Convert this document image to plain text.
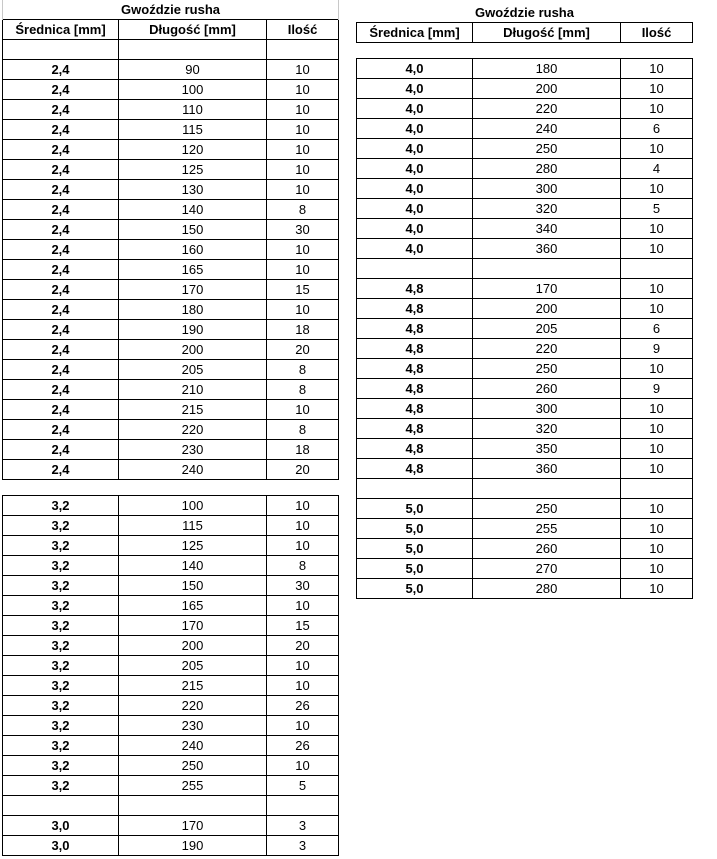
Gwoździe rusha		
Średnica [mm]	Długość [mm]	Ilość

2,4	90	10
2,4	100	10
2,4	110	10
2,4	115	10
2,4	120	10
2,4	125	10
2,4	130	10
2,4	140	8
2,4	150	30
2,4	160	10
2,4	165	10
2,4	170	15
2,4	180	10
2,4	190	18
2,4	200	20
2,4	205	8
2,4	210	8
2,4	215	10
2,4	220	8
2,4	230	18
2,4	240	20

3,2	100	10
3,2	115	10
3,2	125	10
3,2	140	8
3,2	150	30
3,2	165	10
3,2	170	15
3,2	200	20
3,2	205	10
3,2	215	10
3,2	220	26
3,2	230	10
3,2	240	26
3,2	250	10
3,2	255	5

3,0	170	3
3,0	190	3
Gwoździe rusha		
Średnica [mm]	Długość [mm]	Ilość

4,0	180	10
4,0	200	10
4,0	220	10
4,0	240	6
4,0	250	10
4,0	280	4
4,0	300	10
4,0	320	5
4,0	340	10
4,0	360	10

4,8	170	10
4,8	200	10
4,8	205	6
4,8	220	9
4,8	250	10
4,8	260	9
4,8	300	10
4,8	320	10
4,8	350	10
4,8	360	10

5,0	250	10
5,0	255	10
5,0	260	10
5,0	270	10
5,0	280	10
